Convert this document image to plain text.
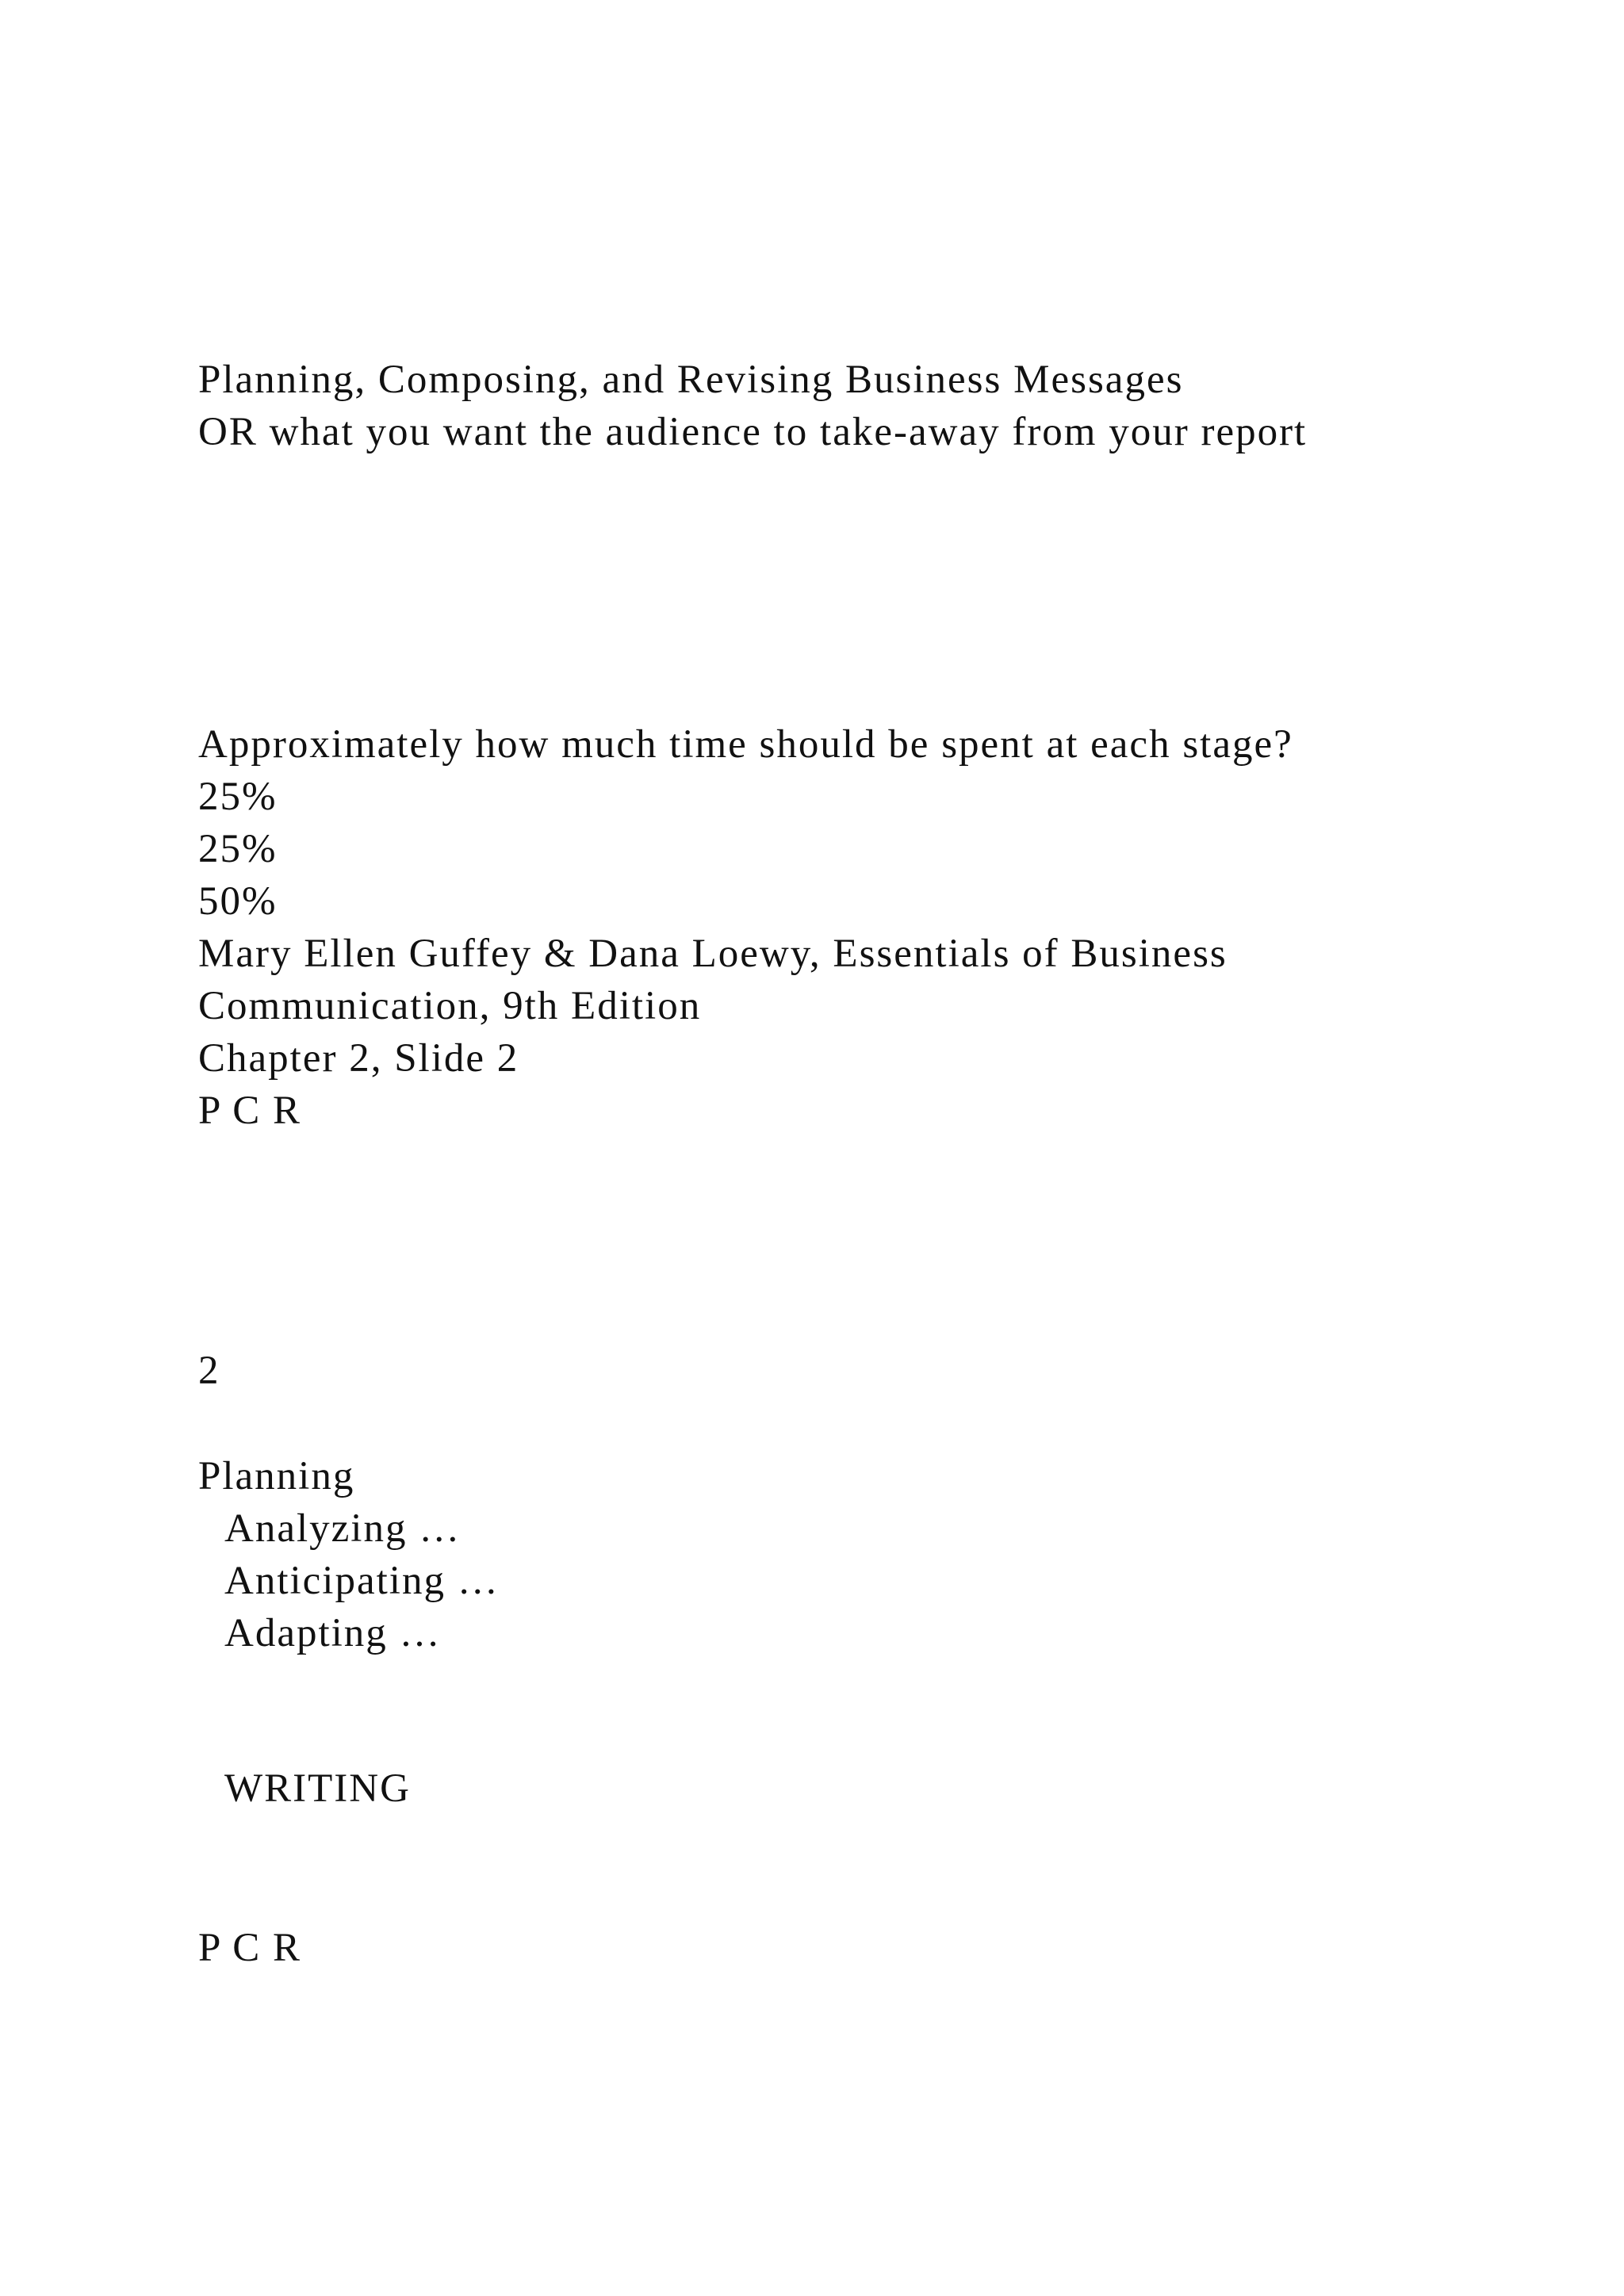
Planning, Composing, and Revising Business Messages
OR what you want the audience to take-away from your report
Approximately how much time should be spent at each stage?
25%
25%
50%
Mary Ellen Guffey & Dana Loewy, Essentials of Business
Communication, 9th Edition
Chapter 2, Slide 2
P C R
2
Planning
Analyzing …
Anticipating …
Adapting …
WRITING
P C R
